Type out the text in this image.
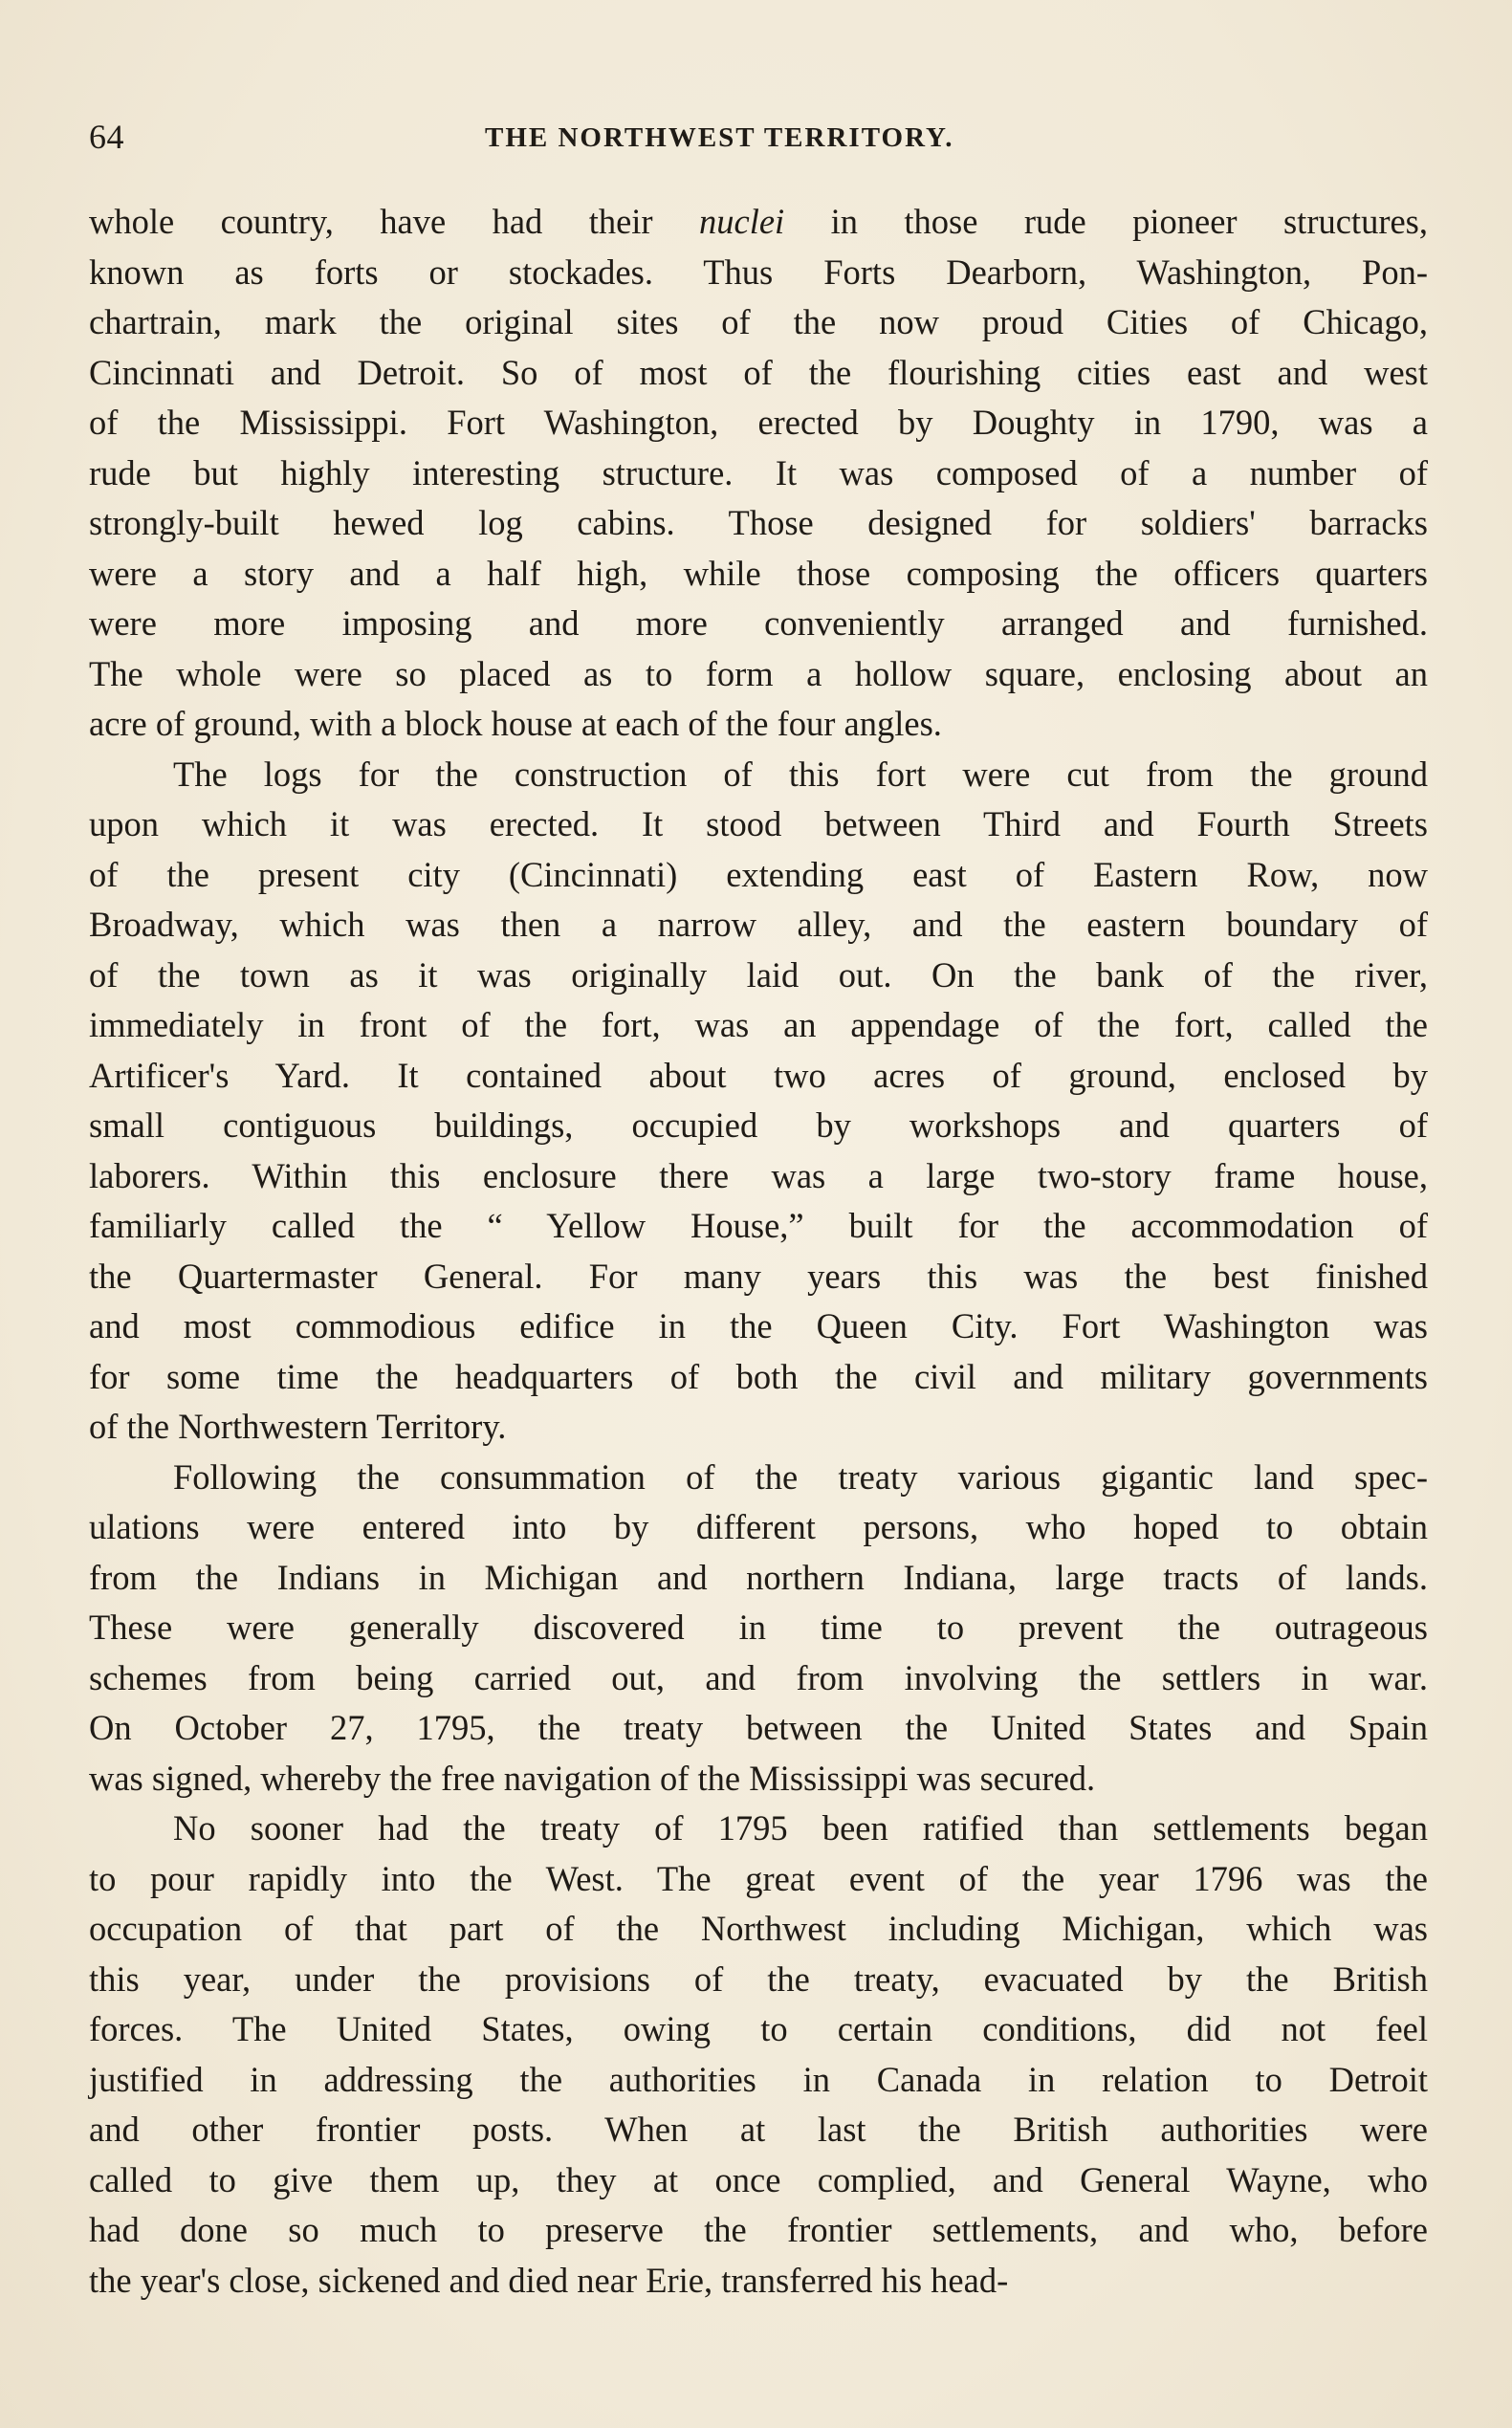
64	THE NORTHWEST TERRITORY.
whole country, have had their nuclei in those rude pioneer structures,
known as forts or stockades. Thus Forts Dearborn, Washington, Pon-
chartrain, mark the original sites of the now proud Cities of Chicago,
Cincinnati and Detroit. So of most of the flourishing cities east and west
of the Mississippi. Fort Washington, erected by Doughty in 1790, was a
rude but highly interesting structure. It was composed of a number of
strongly-built hewed log cabins. Those designed for soldiers' barracks
were a story and a half high, while those composing the officers quarters
were more imposing and more conveniently arranged and furnished.
The whole were so placed as to form a hollow square, enclosing about an
acre of ground, with a block house at each of the four angles.
The logs for the construction of this fort were cut from the ground
upon which it was erected. It stood between Third and Fourth Streets
of the present city (Cincinnati) extending east of Eastern Row, now
Broadway, which was then a narrow alley, and the eastern boundary of
of the town as it was originally laid out. On the bank of the river,
immediately in front of the fort, was an appendage of the fort, called the
Artificer's Yard. It contained about two acres of ground, enclosed by
small contiguous buildings, occupied by workshops and quarters of
laborers. Within this enclosure there was a large two-story frame house,
familiarly called the “ Yellow House,” built for the accommodation of
the Quartermaster General. For many years this was the best finished
and most commodious edifice in the Queen City. Fort Washington was
for some time the headquarters of both the civil and military governments
of the Northwestern Territory.
Following the consummation of the treaty various gigantic land spec-
ulations were entered into by different persons, who hoped to obtain
from the Indians in Michigan and northern Indiana, large tracts of lands.
These were generally discovered in time to prevent the outrageous
schemes from being carried out, and from involving the settlers in war.
On October 27, 1795, the treaty between the United States and Spain
was signed, whereby the free navigation of the Mississippi was secured.
No sooner had the treaty of 1795 been ratified than settlements began
to pour rapidly into the West. The great event of the year 1796 was the
occupation of that part of the Northwest including Michigan, which was
this year, under the provisions of the treaty, evacuated by the British
forces. The United States, owing to certain conditions, did not feel
justified in addressing the authorities in Canada in relation to Detroit
and other frontier posts. When at last the British authorities were
called to give them up, they at once complied, and General Wayne, who
had done so much to preserve the frontier settlements, and who, before
the year's close, sickened and died near Erie, transferred his head-
